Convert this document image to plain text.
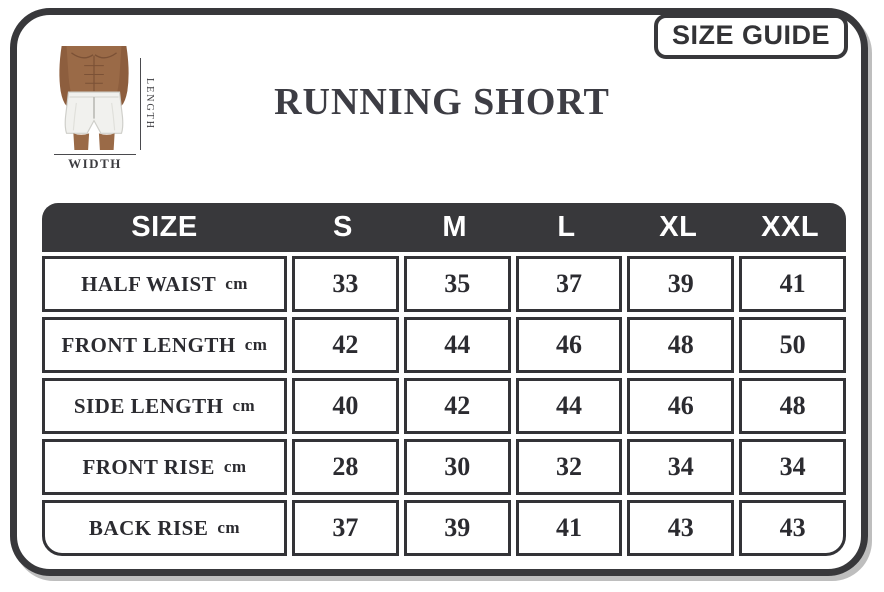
SIZE GUIDE
RUNNING SHORT
LENGTH
WIDTH
SIZE	S	M	L	XL	XXL
HALF WAIST cm	33	35	37	39	41
FRONT LENGTH cm	42	44	46	48	50
SIDE LENGTH cm	40	42	44	46	48
FRONT RISE cm	28	30	32	34	34
BACK RISE cm	37	39	41	43	43
